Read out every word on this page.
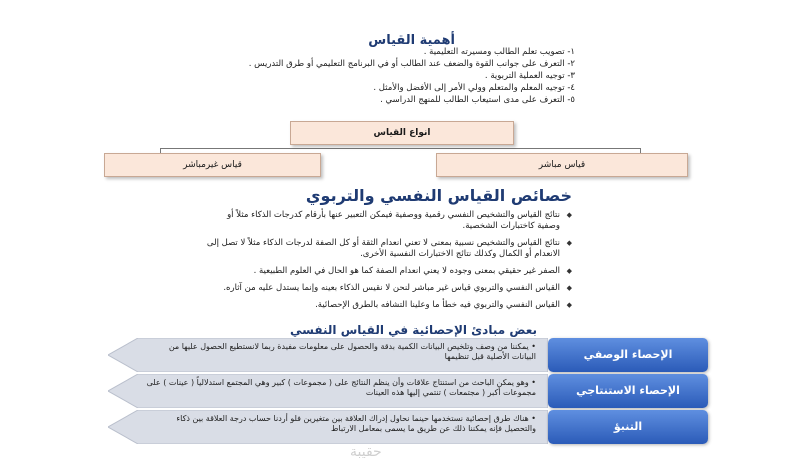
أهمية القياس
١- تصويب تعلم الطالب ومسيرته التعليمية .
٢- التعرف على جوانب القوة والضعف عند الطالب أو في البرنامج التعليمي أو طرق التدريس .
٣- توجيه العملية التربوية .
٤- توجيه المعلم والمتعلم وولي الأمر إلى الأفضل والأمثل .
٥- التعرف على مدى استيعاب الطالب للمنهج الدراسي .
انواع القياس
قياس مباشر
قياس غيرمباشر
خصائص القياس النفسي والتربوي
◆ نتائج القياس والتشخيص النفسي رقمية ووصفية فيمكن التعبير عنها بأرقام كدرجات الذكاء مثلاً أو وصفية كاختبارات الشخصية.
◆ نتائج القياس والتشخيص نسبية بمعنى لا تعني انعدام الثقة أو كل الصفة لدرجات الذكاء مثلاً لا تصل إلى الانعدام أو الكمال وكذلك نتائج الاختبارات النفسية الأخرى.
◆ الصفر غير حقيقي بمعنى وجوده لا يعني انعدام الصفة كما هو الحال في العلوم الطبيعية .
◆ القياس النفسي والتربوي قياس غير مباشر لنحن لا نقيس الذكاء بعينه وإنما يستدل عليه من آثاره.
◆ القياس النفسي والتربوي فيه خطأ ما وعلينا التشافه بالطرق الإحصائية.
بعض مبادئ الإحصائية في القياس النفسي
• يمكننا من وصف وتلخيص البيانات الكمية بدقة والحصول على معلومات مفيدة ربما لانستطيع الحصول عليها من البيانات الأصلية قبل تنظيمها	الإحصاء الوصفي
• وهو يمكن الباحث من استنتاج علاقات وأن ينظم النتائج على ( مجموعات ) كبير وهي المجتمع استدلالياً ( عينات ) على مجموعات أكبر ( مجتمعات ) تنتمي إليها هذه العينات	الإحصاء الاستنتاجي
• هناك طرق إحصائية نستخدمها حينما نحاول إدراك العلاقة بين متغيرين فلو أردنا حساب درجة العلاقة بين ذكاء والتحصيل فإنه يمكننا ذلك عن طريق ما يسمى بمعامل الارتباط	التنبؤ
حقيبة
